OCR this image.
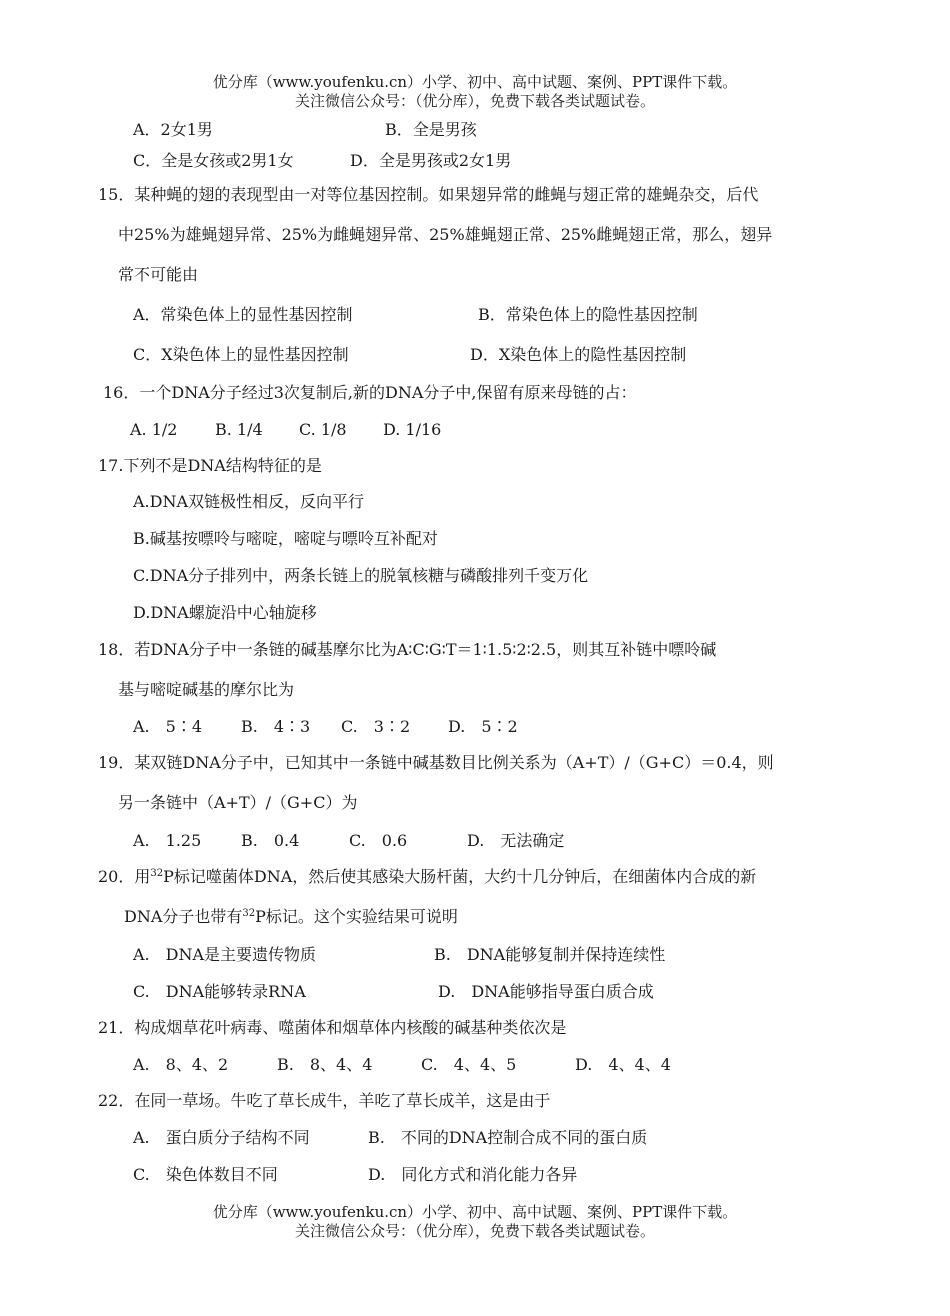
优分库（www.youfenku.cn）小学、初中、高中试题、案例、PPT课件下载。
关注微信公众号：（优分库），免费下载各类试题试卷。
A．2女1男	B．全是男孩
C．全是女孩或2男1女	D．全是男孩或2女1男
15．某种蝇的翅的表现型由一对等位基因控制。如果翅异常的雌蝇与翅正常的雄蝇杂交，后代
中25%为雄蝇翅异常、25%为雌蝇翅异常、25%雄蝇翅正常、25%雌蝇翅正常，那么，翅异
常不可能由
A．常染色体上的显性基因控制	B．常染色体上的隐性基因控制
C．X染色体上的显性基因控制	D．X染色体上的隐性基因控制
16．一个DNA分子经过3次复制后,新的DNA分子中,保留有原来母链的占：
A. 1/2 B. 1/4 C. 1/8 D. 1/16
17.下列不是DNA结构特征的是
A.DNA双链极性相反，反向平行
B.碱基按嘌呤与嘧啶，嘧啶与嘌呤互补配对
C.DNA分子排列中，两条长链上的脱氧核糖与磷酸排列千变万化
D.DNA螺旋沿中心轴旋移
18．若DNA分子中一条链的碱基摩尔比为A∶C∶G∶T＝1∶1.5∶2∶2.5，则其互补链中嘌呤碱
基与嘧啶碱基的摩尔比为
A.　5∶4 B.　4∶3 C.　3∶2 D.　5∶2
19．某双链DNA分子中，已知其中一条链中碱基数目比例关系为（A+T）/（G+C）＝0.4，则
另一条链中（A+T）/（G+C）为
A.　1.25 B.　0.4	C.　0.6	D.　无法确定
20．用$^{32}$P标记噬菌体DNA，然后使其感染大肠杆菌，大约十几分钟后，在细菌体内合成的新
DNA分子也带有$^{32}$P标记。这个实验结果可说明
A.　DNA是主要遗传物质	B.　DNA能够复制并保持连续性
C.　DNA能够转录RNA	D.　DNA能够指导蛋白质合成
21．构成烟草花叶病毒、噬菌体和烟草体内核酸的碱基种类依次是
A.　8、4、2	B.　8、4、4	C.　4、4、5	D.　4、4、4
22．在同一草场。牛吃了草长成牛，羊吃了草长成羊，这是由于
A.　蛋白质分子结构不同	B.　不同的DNA控制合成不同的蛋白质
C.　染色体数目不同	D.　同化方式和消化能力各异
优分库（www.youfenku.cn）小学、初中、高中试题、案例、PPT课件下载。
关注微信公众号：（优分库），免费下载各类试题试卷。
